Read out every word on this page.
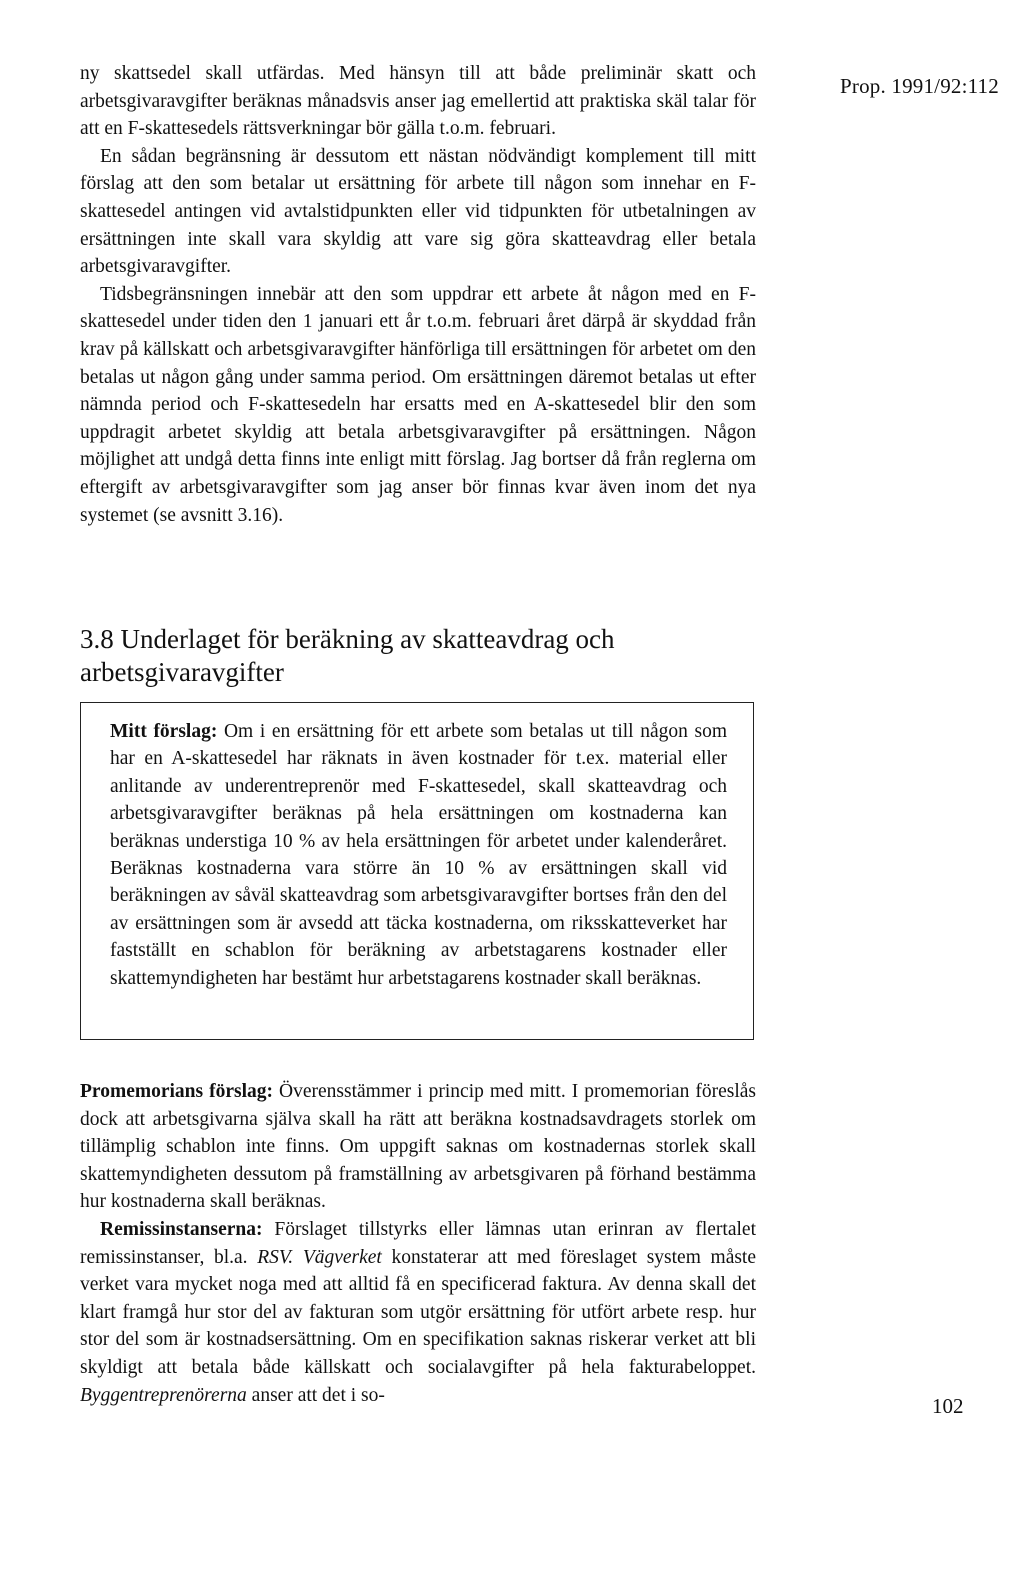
Prop. 1991/92:112

ny skattsedel skall utfärdas. Med hänsyn till att både preliminär skatt och arbetsgivaravgifter beräknas månadsvis anser jag emellertid att praktiska skäl talar för att en F-skattesedels rättsverkningar bör gälla t.o.m. februari.

En sådan begränsning är dessutom ett nästan nödvändigt komplement till mitt förslag att den som betalar ut ersättning för arbete till någon som innehar en F-skattesedel antingen vid avtalstidpunkten eller vid tidpunkten för utbetalningen av ersättningen inte skall vara skyldig att vare sig göra skatteavdrag eller betala arbetsgivaravgifter.

Tidsbegränsningen innebär att den som uppdrar ett arbete åt någon med en F-skattesedel under tiden den 1 januari ett år t.o.m. februari året därpå är skyddad från krav på källskatt och arbetsgivaravgifter hänförliga till ersättningen för arbetet om den betalas ut någon gång under samma period. Om ersättningen däremot betalas ut efter nämnda period och F-skattesedeln har ersatts med en A-skattesedel blir den som uppdragit arbetet skyldig att betala arbetsgivaravgifter på ersättningen. Någon möjlighet att undgå detta finns inte enligt mitt förslag. Jag bortser då från reglerna om eftergift av arbetsgivaravgifter som jag anser bör finnas kvar även inom det nya systemet (se avsnitt 3.16).

3.8 Underlaget för beräkning av skatteavdrag och arbetsgivaravgifter

Mitt förslag: Om i en ersättning för ett arbete som betalas ut till någon som har en A-skattesedel har räknats in även kostnader för t.ex. material eller anlitande av underentreprenör med F-skattesedel, skall skatteavdrag och arbetsgivaravgifter beräknas på hela ersättningen om kostnaderna kan beräknas understiga 10 % av hela ersättningen för arbetet under kalenderåret. Beräknas kostnaderna vara större än 10 % av ersättningen skall vid beräkningen av såväl skatteavdrag som arbetsgivaravgifter bortses från den del av ersättningen som är avsedd att täcka kostnaderna, om riksskatteverket har fastställt en schablon för beräkning av arbetstagarens kostnader eller skattemyndigheten har bestämt hur arbetstagarens kostnader skall beräknas.

Promemorians förslag: Överensstämmer i princip med mitt. I promemorian föreslås dock att arbetsgivarna själva skall ha rätt att beräkna kostnadsavdragets storlek om tillämplig schablon inte finns. Om uppgift saknas om kostnadernas storlek skall skattemyndigheten dessutom på framställning av arbetsgivaren på förhand bestämma hur kostnaderna skall beräknas.

Remissinstanserna: Förslaget tillstyrks eller lämnas utan erinran av flertalet remissinstanser, bl.a. RSV. Vägverket konstaterar att med föreslaget system måste verket vara mycket noga med att alltid få en specificerad faktura. Av denna skall det klart framgå hur stor del av fakturan som utgör ersättning för utfört arbete resp. hur stor del som är kostnadsersättning. Om en specifikation saknas riskerar verket att bli skyldigt att betala både källskatt och socialavgifter på hela fakturabeloppet. Byggentreprenörerna anser att det i so-	102
